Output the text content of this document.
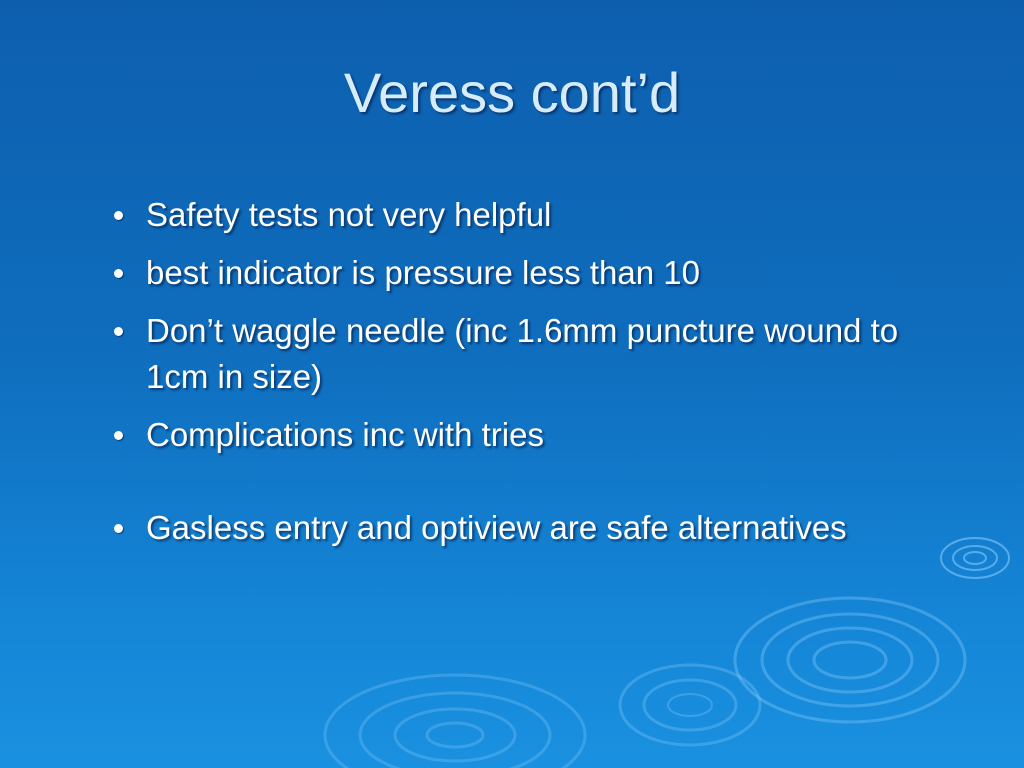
Veress cont’d
Safety tests not very helpful
best indicator is pressure less than 10
Don’t waggle needle (inc 1.6mm puncture wound to 1cm in size)
Complications inc with tries
Gasless entry and optiview are safe alternatives
